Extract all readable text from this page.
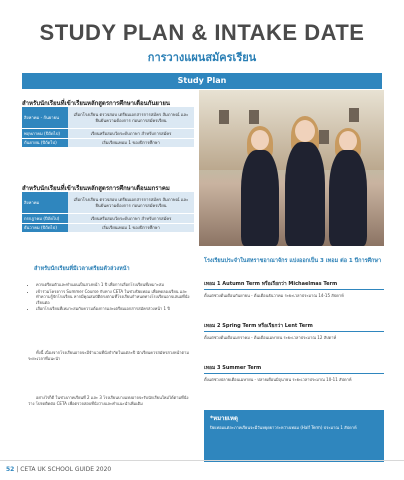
STUDY PLAN & INTAKE DATE
การวางแผนสมัครเรียน
Study Plan
สำหรับนักเรียนที่เข้าเรียนหลักสูตรการศึกษาเดือนกันยายน
สิงหาคม - กันยายน	เลือกโรงเรียน ตรวจสอบ เตรียมเอกสารการสมัคร สัมภาษณ์ และยืนยันความต้องการ ก่อนการสมัครเรียน
พฤษภาคม (ปีถัดไป)	เรียนหรือสอบวัดระดับภาษา สำหรับการสมัคร
กันยายน (ปีถัดไป)	เริ่มเรียนเทอม 1 ของปีการศึกษา
สำหรับนักเรียนที่เข้าเรียนหลักสูตรการศึกษาเดือนมกราคม
สิงหาคม	เลือกโรงเรียน ตรวจสอบ เตรียมเอกสารการสมัคร สัมภาษณ์ และยืนยันความต้องการ ก่อนการสมัครเรียน
กรกฎาคม (ปีถัดไป)	เรียนหรือสอบวัดระดับภาษา สำหรับการสมัคร
ธันวาคม (ปีถัดไป)	เริ่มเรียนเทอม 1 ของปีการศึกษา
สำหรับนักเรียนที่มีเวลาเตรียมตัวล่วงหน้า
• ควรเตรียมตัวและทำแผนเป็นล่วงหน้า 1 ปี เพื่อการเลือกโรงเรียนที่เหมาะสม
• เข้าร่วมโครงการ Summer Course กับทาง CETA ในช่วงปิดเทอม เพื่อทดลองเรียน และทำความรู้จักโรงเรียน หากมีคุณสมบัติตรงตามที่โรงเรียนกำหนดทางโรงเรียนอาจเสนอที่นั่งเรียนต่อ
• เลือกโรงเรียนที่เหมาะสมกับความต้องการและเตรียมเอกสารสมัครล่วงหน้า 1 ปี
ทั้งนี้ เนื่องจากโรงเรียนอาจจะมีจำนวนที่นั่งจำกัดในแต่ละปี นักเรียนควรสมัครล่วงหน้าตามระยะเวลาที่แนะนำ
อย่างไรก็ดี ในช่วงภาคเรียนที่ 2 และ 3 โรงเรียนบางแห่งอาจจะรับนักเรียนใหม่ได้ตามที่นั่งว่าง โปรดติดต่อ CETA เพื่อตรวจสอบที่นั่งว่างและคำแนะนำเพิ่มเติม
โรงเรียนประจำในสหราชอาณาจักร แบ่งออกเป็น 3 เทอม ต่อ 1 ปีการศึกษา
เทอม 1 Autumn Term หรือเรียกว่า Michaelmas Term
ตั้งแต่ช่วงต้นเดือนกันยายน - ต้นเดือนธันวาคม ระยะเวลาประมาณ 14-15 สัปดาห์
เทอม 2 Spring Term หรือเรียกว่า Lent Term
ตั้งแต่ช่วงต้นเดือนมกราคม - ต้นเดือนเมษายน ระยะเวลาประมาณ 12 สัปดาห์
เทอม 3 Summer Term
ตั้งแต่ช่วงปลายเดือนเมษายน - ปลายเดือนมิถุนายน ระยะเวลาประมาณ 10-11 สัปดาห์
*หมายเหตุ
ปิดเทอมแต่ละภาคเรียนจะมีวันหยุดยาวระหว่างเทอม (Half Term) ประมาณ 1 สัปดาห์
52 | CETA UK SCHOOL GUIDE 2020
